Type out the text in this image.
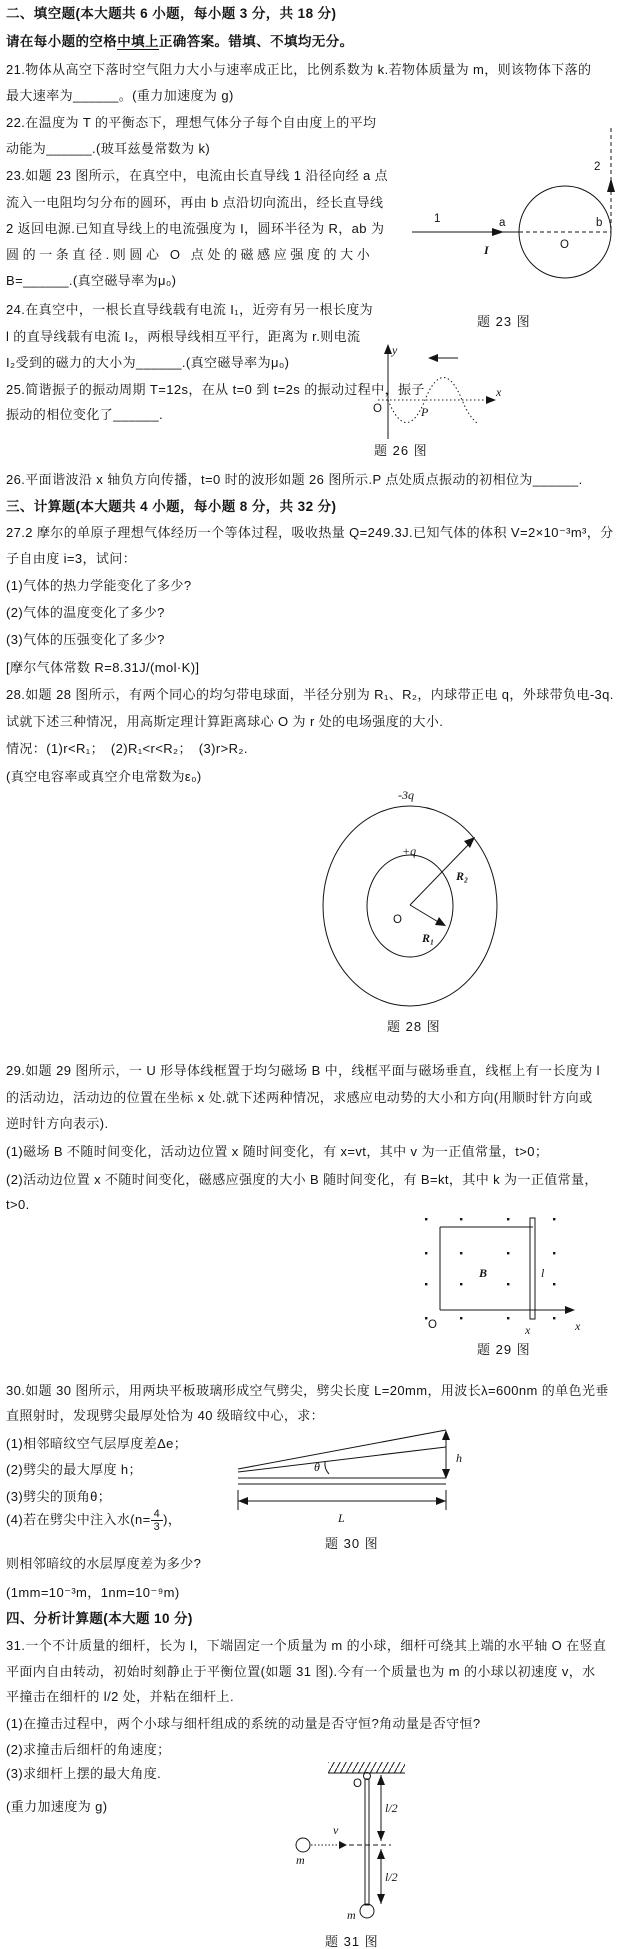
请在每小题的空格中填上正确答案。错填、不填均无分。
二、填空题(本大题共 6 小题，每小题 3 分，共 18 分)
21.物体从高空下落时空气阻力大小与速率成正比，比例系数为 k.若物体质量为 m，则该物体下落的
最大速率为______。(重力加速度为 g)
22.在温度为 T 的平衡态下，理想气体分子每个自由度上的平均
动能为______.(玻耳兹曼常数为 k)
23.如题 23 图所示，在真空中，电流由长直导线 1 沿径向经 a 点
流入一电阻均匀分布的圆环，再由 b 点沿切向流出，经长直导线
2 返回电源.已知直导线上的电流强度为 I，圆环半径为 R，ab 为
圆的一条直径.则圆心 O 点处的磁感应强度的大小
B=______.(真空磁导率为μ₀)
24.在真空中，一根长直导线载有电流 I₁，近旁有另一根长度为
l 的直导线载有电流 I₂，两根导线相互平行，距离为 r.则电流
I₂受到的磁力的大小为______.(真空磁导率为μ₀)
25.简谐振子的振动周期 T=12s，在从 t=0 到 t=2s 的振动过程中，振子
振动的相位变化了______.
26.平面谐波沿 x 轴负方向传播，t=0 时的波形如题 26 图所示.P 点处质点振动的初相位为______.
三、计算题(本大题共 4 小题，每小题 8 分，共 32 分)
27.2 摩尔的单原子理想气体经历一个等体过程，吸收热量 Q=249.3J.已知气体的体积 V=2×10⁻³m³，分
子自由度 i=3，试问：
(1)气体的热力学能变化了多少?
(2)气体的温度变化了多少?
(3)气体的压强变化了多少?
[摩尔气体常数 R=8.31J/(mol·K)]
28.如题 28 图所示，有两个同心的均匀带电球面，半径分别为 R₁、R₂，内球带正电 q，外球带负电-3q.
试就下述三种情况，用高斯定理计算距离球心 O 为 r 处的电场强度的大小.
情况：(1)r<R₁；　(2)R₁<r<R₂；　(3)r>R₂.
(真空电容率或真空介电常数为ε₀)
29.如题 29 图所示，一 U 形导体线框置于均匀磁场 B 中，线框平面与磁场垂直，线框上有一长度为 l
的活动边，活动边的位置在坐标 x 处.就下述两种情况，求感应电动势的大小和方向(用顺时针方向或
逆时针方向表示).
(1)磁场 B 不随时间变化，活动边位置 x 随时间变化，有 x=vt，其中 v 为一正值常量，t>0；
(2)活动边位置 x 不随时间变化，磁感应强度的大小 B 随时间变化，有 B=kt，其中 k 为一正值常量，
t>0.
30.如题 30 图所示，用两块平板玻璃形成空气劈尖，劈尖长度 L=20mm，用波长λ=600nm 的单色光垂
直照射时，发现劈尖最厚处恰为 40 级暗纹中心，求：
(1)相邻暗纹空气层厚度差Δe；
(2)劈尖的最大厚度 h；
(3)劈尖的顶角θ；
则相邻暗纹的水层厚度差为多少?
(1mm=10⁻³m，1nm=10⁻⁹m)
四、分析计算题(本大题 10 分)
31.一个不计质量的细杆，长为 l，下端固定一个质量为 m 的小球，细杆可绕其上端的水平轴 O 在竖直
平面内自由转动，初始时刻静止于平衡位置(如题 31 图).今有一个质量也为 m 的小球以初速度 v，水
平撞击在细杆的 l/2 处，并粘在细杆上.
(1)在撞击过程中，两个小球与细杆组成的系统的动量是否守恒?角动量是否守恒?
(2)求撞击后细杆的角速度；
(3)求细杆上摆的最大角度.
(重力加速度为 g)
(4)若在劈尖中注入水($n= \frac{4}{3}$ )，
1
2
a	b
O
I
题 23 图
y
x
O	P
题 26 图
-3q
+q
O
R₂
R₁
题 28 图
B	l
O	x	x
题 29 图
θ
h
L
题 30 图
O
v
m
m
l/2
l/2
题 31 图
